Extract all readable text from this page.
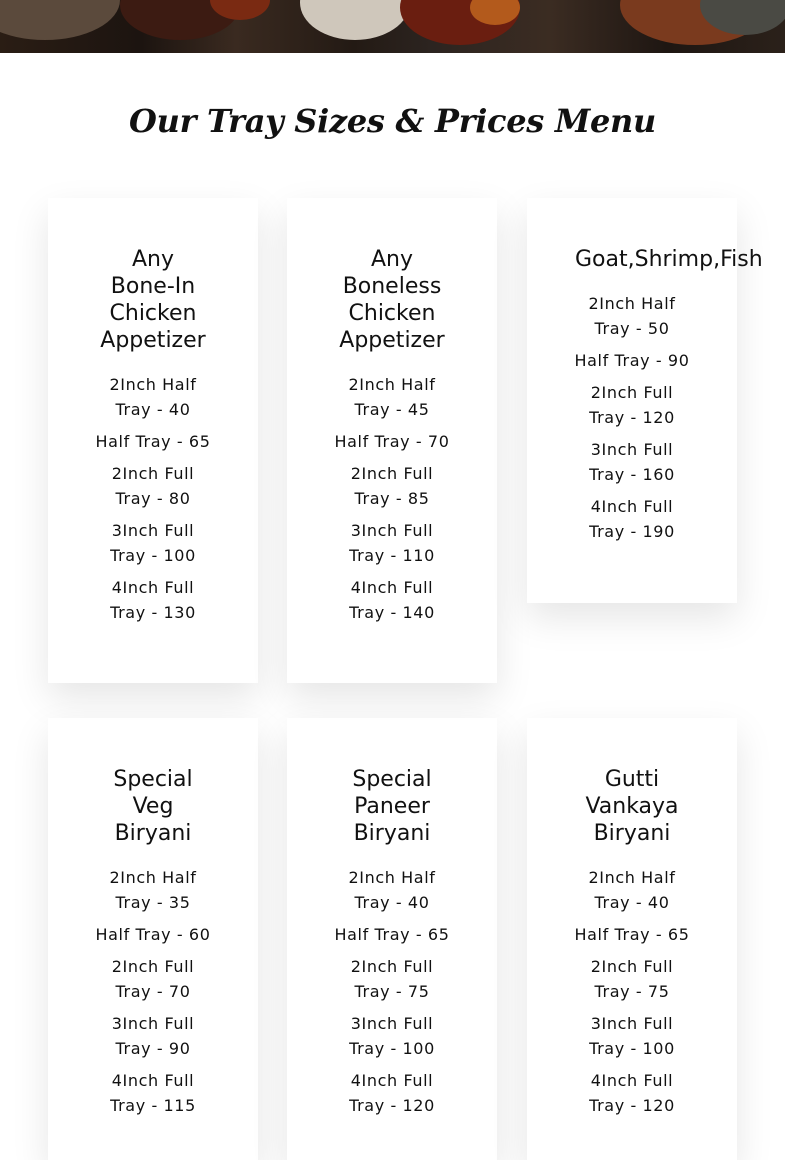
Our Tray Sizes & Prices Menu
Any
Bone-In
Chicken
Appetizer
2Inch Half
Tray - 40
Half Tray - 65
2Inch Full
Tray - 80
3Inch Full
Tray - 100
4Inch Full
Tray - 130
Any
Boneless
Chicken
Appetizer
2Inch Half
Tray - 45
Half Tray - 70
2Inch Full
Tray - 85
3Inch Full
Tray - 110
4Inch Full
Tray - 140
Goat,Shrimp,Fish
2Inch Half
Tray - 50
Half Tray - 90
2Inch Full
Tray - 120
3Inch Full
Tray - 160
4Inch Full
Tray - 190
Special
Veg
Biryani
2Inch Half
Tray - 35
Half Tray - 60
2Inch Full
Tray - 70
3Inch Full
Tray - 90
4Inch Full
Tray - 115
Special
Paneer
Biryani
2Inch Half
Tray - 40
Half Tray - 65
2Inch Full
Tray - 75
3Inch Full
Tray - 100
4Inch Full
Tray - 120
Gutti
Vankaya
Biryani
2Inch Half
Tray - 40
Half Tray - 65
2Inch Full
Tray - 75
3Inch Full
Tray - 100
4Inch Full
Tray - 120
